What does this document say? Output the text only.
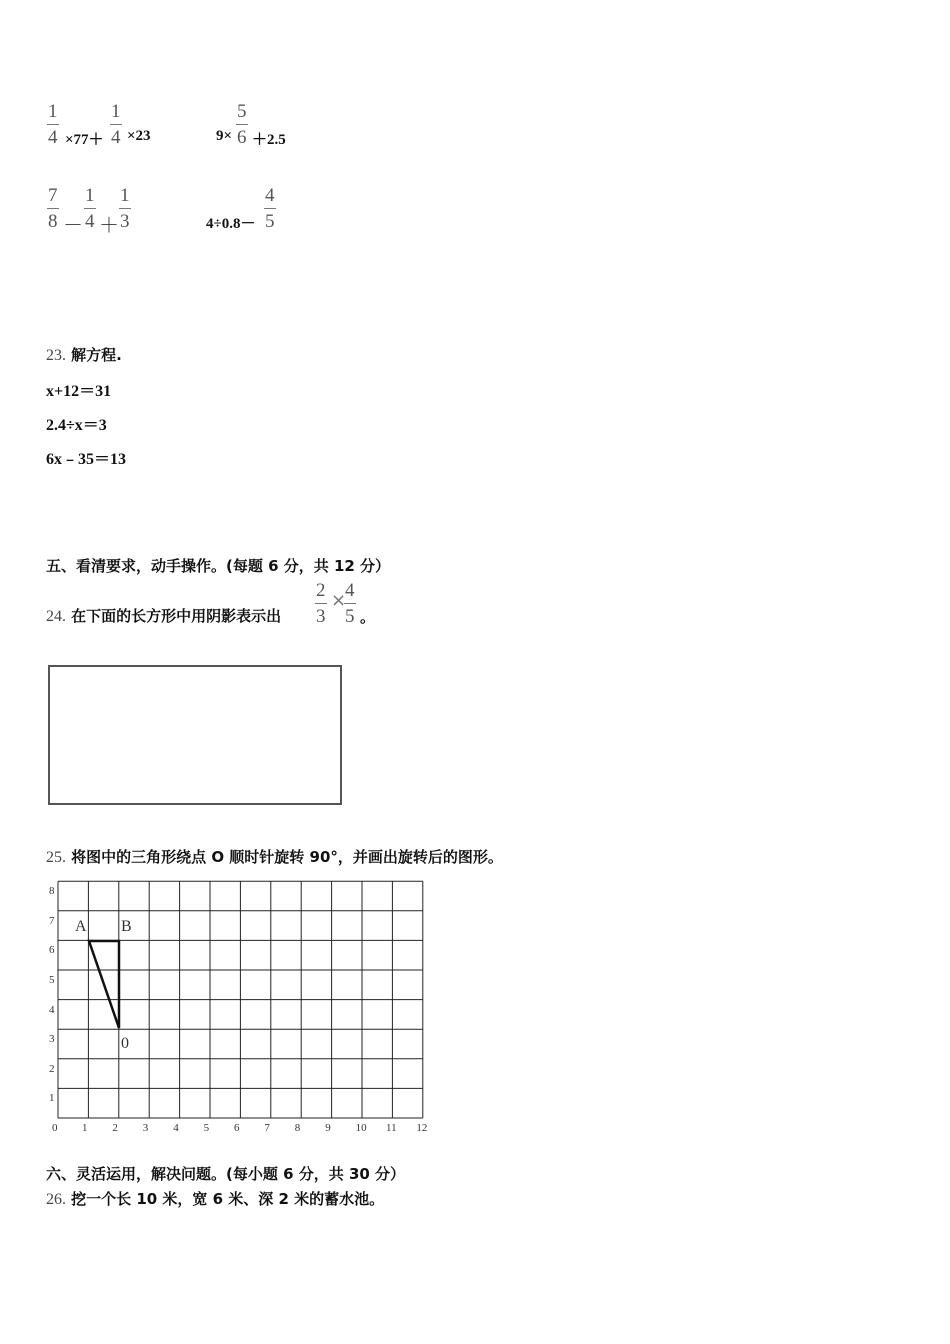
1
4 ×77＋
1
4 ×23	9×
5
6 ＋2.5
7
8 －
1
4 ＋
1
3	4÷0.8－
4
5
23. 解方程.
x+12＝31
2.4÷x＝3
6x﹣35＝13
五、看清要求，动手操作。(每题 6 分，共 12 分）
24. 在下面的长方形中用阴影表示出
2
3
×
4
5 。
25. 将图中的三角形绕点 O 顺时针旋转 90°，并画出旋转后的图形。
0 1 2 3 4 5 6 7 8 9 10 11 12
1
2
3
4
5
6
7
8
A B
0
六、灵活运用，解决问题。(每小题 6 分，共 30 分）
26. 挖一个长 10 米，宽 6 米、深 2 米的蓄水池。
